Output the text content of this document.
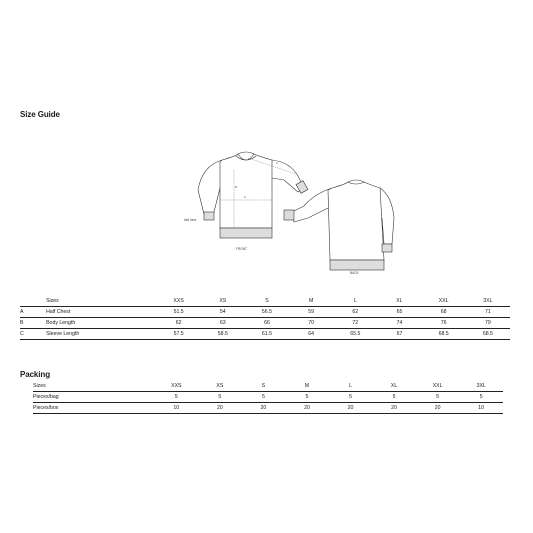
Size Guide
B
A
C
FRONT
BACK
fold here
	Sizes	XXS	XS	S	M	L	XL	XXL	3XL
A	Half Chest	51.5	54	56.5	59	62	65	68	71
B	Body Length	62	63	66	70	72	74	76	79
C	Sleeve Length	57.5	58.5	61.5	64	65.5	67	68.5	68.5
Packing
Sizes	XXS	XS	S	M	L	XL	XXL	3XL
Pieces/bag	5	5	5	5	5	5	5	5
Pieces/box	10	20	20	20	20	20	20	10
